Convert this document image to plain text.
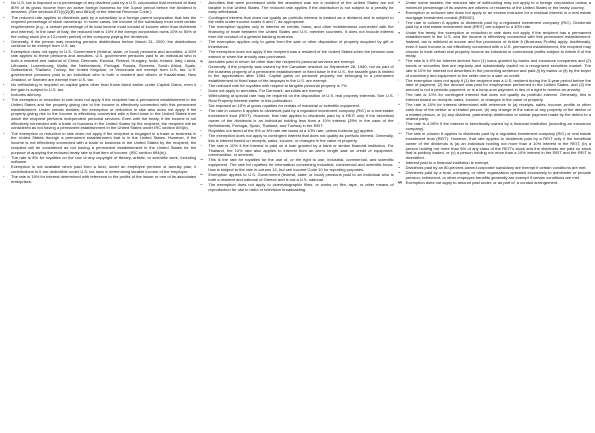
ᵃ	No U.S. tax is imposed on a percentage of any dividend paid by a U.S. corporation that received at least 80% of its gross income from an active foreign business for the 3-year period before the dividend is declared. (See sections 871(i)(2)(B) and 881(d) of the Internal Revenue Code.)
ᵇ	The reduced rate applies to dividends paid by a subsidiary to a foreign parent corporation that has the required percentage of stock ownership. In some cases, the income of the subsidiary must meet certain requirements (e.g., a certain percentage of its total income must consist of income other than dividends and interest). In the case of Italy, the reduced rate is 10% if the foreign corporation owns 10% to 50% of the voting stock (for a 12-month period) of the company paying the dividends.
ᶜ	Generally, if the person was receiving pension distributions before March 31, 2000, the distributions continue to be exempt from U.S. tax.
ᵈ	Exemption does not apply to U.S. Government (federal, state, or local) pensions and annuities; a 30% rate applies to these pensions and annuities. U.S. government pensions paid to an individual who is both a resident and national of China, Denmark, Estonia, Finland, Hungary, India, Ireland, Italy, Latvia, Lithuania, Luxembourg, Malta, the Netherlands, Portugal, Russia, Slovenia, South Africa, Spain, Switzerland, Thailand, Turkey, the United Kingdom, or Venezuela are exempt from U.S. tax. U.S. government pensions paid to an individual who is both a resident and citizen of Kazakhstan, New Zealand, or Sweden are exempt from U.S. tax.
ᵉ	No withholding is required on capital gains other than those listed earlier under Capital Gains, even if the gain is subject to U.S. tax.
ᶠ	Includes alimony.
ᵍ	The exemption or reduction in rate does not apply if the recipient has a permanent establishment in the United States and the property giving rise to the income is effectively connected with this permanent establishment. Under certain treaties, the exemption or reduction in rate also does not apply if the property giving rise to the income is effectively connected with a fixed base in the United States from which the recipient performs independent personal services. Even with the treaty, if the income is not effectively connected with a trade or business in the United States by the recipient, the recipient will be considered as not having a permanent establishment in the United States under IRC section 894(b).
ʰ	The exemption or reduction in rate does not apply if the recipient is engaged in a trade or business in the United States through a permanent establishment that is in the United States. However, if the income is not effectively connected with a trade or business in the United States by the recipient, the recipient will be considered as not having a permanent establishment in the United States for the purpose of applying the reduced treaty rate to that item of income. (IRC section 894(b)).
ⁱ	The rate is 8% for royalties on the use of any copyright of literary, artistic, or scientific work, including software.
ʲ	Exemption is not available when paid from a fund, under an employee pension or annuity plan, if contributions to it are deductible under U.S. tax laws in determining taxable income of the employer.
ᵏ	The rate is 15% for interest determined with reference to the profits of the issuer or one of its associated enterprises.
ˡ	Annuities that were purchased while the annuitant was not a resident of the United States are not taxable in the United States. The reduced rate applies if the distribution is not subject to a penalty for early withdrawal.
ᵐ	Contingent interest that does not qualify as portfolio interest is treated as a dividend and is subject to the rates under income codes 6 and 7, as appropriate.
ⁿ	The exemption applies only to interest on credits, loans, and other indebtedness connected with the financing of trade between the United States and U.S. member countries. It does not include interest from the conduct of a general banking business.
ᵒ	The exemption applies only to gains from the sale or other disposition of property acquired by gift or inheritance.
ᵖ	The exemption does not apply if the recipient was a resident of the United States when the pension was earned or when the annuity was purchased.
ᑫ	Annuities paid in return for other than the recipient's personal services are exempt.
ʳ	Generally, if the property was owned by the Canadian resident on September 26, 1980, not as part of the business property of a permanent establishment or fixed base in the U.S., the taxable gain is limited to the appreciation after 1984. Capital gains on personal property not belonging to a permanent establishment or fixed base of the taxpayer in the U.S. are exempt.
ˢ	The reduced rate for royalties with respect to tangible personal property is 7%.
ᵗ	Does not apply to annuities. For Denmark, annuities are exempt.
ᵘ	Withholding at special rate may be required on the disposition of U.S. real property interests. See U.S. Real Property Interest earlier in this publication.
ᵛ	Tax imposed on 15% of gross royalties for rentals of industrial or scientific equipment.
ʷ	The rate in column 6 applies to dividends paid by a regulated investment company (RIC) or a real estate investment trust (REIT). However, that rate applies to dividends paid by a REIT only if the beneficial owner of the dividends is an individual holding less than a 10% interest (25% in the case of the Netherlands, Portugal, Spain, Thailand, and Tunisia) in the REIT.
ˣ	Royalties not taxed at the 5% or 8% rate are taxed at a 10% rate, unless footnote (g) applies.
ʸ	The exemption does not apply to contingent interest that does not qualify as portfolio interest. Generally, this is interest based on receipts, sales, income, or changes in the value of property.
ᶻ	The rate is 10% if the interest is paid on a loan granted by a bank or similar financial institution. For Thailand, the 10% rate also applies to interest from an arm's length sale on credit of equipment, merchandise, or services.
ᵃᵃ	This is the rate for royalties for the use of, or the right to use, industrial, commercial, and scientific equipment. The rate for royalties for information concerning industrial, commercial and scientific know-how is subject to the rate in column 12, but see income Code 10 for reporting purposes.
ᵇᵇ	Exemption applies to U.S. Government (federal, state, or local) pensions paid to an individual who is both a resident and national of Greece and is not a U.S. national.
ᶜᶜ	The exemption does not apply to cinematographic films, or works on film, tape, or other means of reproduction for use in radio or television broadcasting.
ᵈᵈ	Under some treaties, the reduced rate of withholding may not apply to a foreign corporation unless a minimum percentage of its owners are citizens or residents of the United States or the treaty country.
ᵉᵉ	Exemption or reduced rate does not apply to an excess inclusion for a residual interest in a real estate mortgage investment conduit (REMIC).
ᶠᶠ	The rate in column 6 applies to dividends paid by a regulated investment company (RIC). Dividends paid by a real estate investment trust (REIT) are subject to a 30% rate.
ᵍᵍ	Under the treaty, the exemption or reduction in rate does not apply if the recipient has a permanent establishment in the U.S. and the income is effectively connected with this permanent establishment. Instead, tax is withheld at source and the provisions of Article 8 (Business Profits) apply. Additionally, even if such income is not effectively connected with a U.S. permanent establishment, the recipient may choose to treat certain real property income as industrial or commercial profits subject to Article 8 of the treaty.
ʰʰ	The rate is 4.9% for interest derived from (1) loans granted by banks and insurance companies and (2) bonds or securities that are regularly and substantially traded on a recognized securities market. The rate is 10% for interest not described in the preceding sentence and paid (i) by banks or (ii) by the buyer of machinery and equipment to the seller due to a sale on credit.
ⁱⁱ	The exemption does not apply if (1) the recipient was a U.S. resident during the 5-year period before the date of payment, (2) the amount was paid for employment performed in the United States, and (3) the amount is not a periodic payment, or is a lump-sum payment in lieu of a right to receive an annuity.
ʲʲ	The rate is 10% for contingent interest that does not qualify as portfolio interest. Generally, this is interest based on receipts, sales, income, or changes in the value of property.
ᵏᵏ	The rate is 15% for interest determined with reference to (a) receipts, sales, income, profits or other cash flow of the debtor or a related person, (b) any change in the value of any property of the debtor or a related person, or (c) any dividend, partnership distribution or similar payment made by the debtor to a related party.
ˡˡ	The rate is 4.95% if the interest is beneficially owned by a financial institution (including an insurance company).
ᵐᵐ	The rate in column 6 applies to dividends paid by a regulated investment company (RIC) or real estate investment trust (REIT). However, that rate applies to dividends paid by a REIT only if the beneficial owner of the dividends is (a) an individual holding not more than a 10% interest in the REIT, (b) a person holding not more than 5% of any class of the REIT's stock and the dividends are paid on stock that is publicly traded, or (c) a person holding not more than a 10% interest in the REIT and the REIT is diversified.
ⁿⁿ	Interest paid to a financial institution is exempt.
ᵒᵒ	Dividends paid by an 80-percent-owned corporate subsidiary are exempt if certain conditions are met.
ᵖᵖ	Dividends paid by a trust, company, or other organization operated exclusively to administer or provide pension, retirement, or other employee benefits generally are exempt if certain conditions are met.
ᑫᑫ Exemption does not apply to amount paid under, or as part of, a conduit arrangement.
